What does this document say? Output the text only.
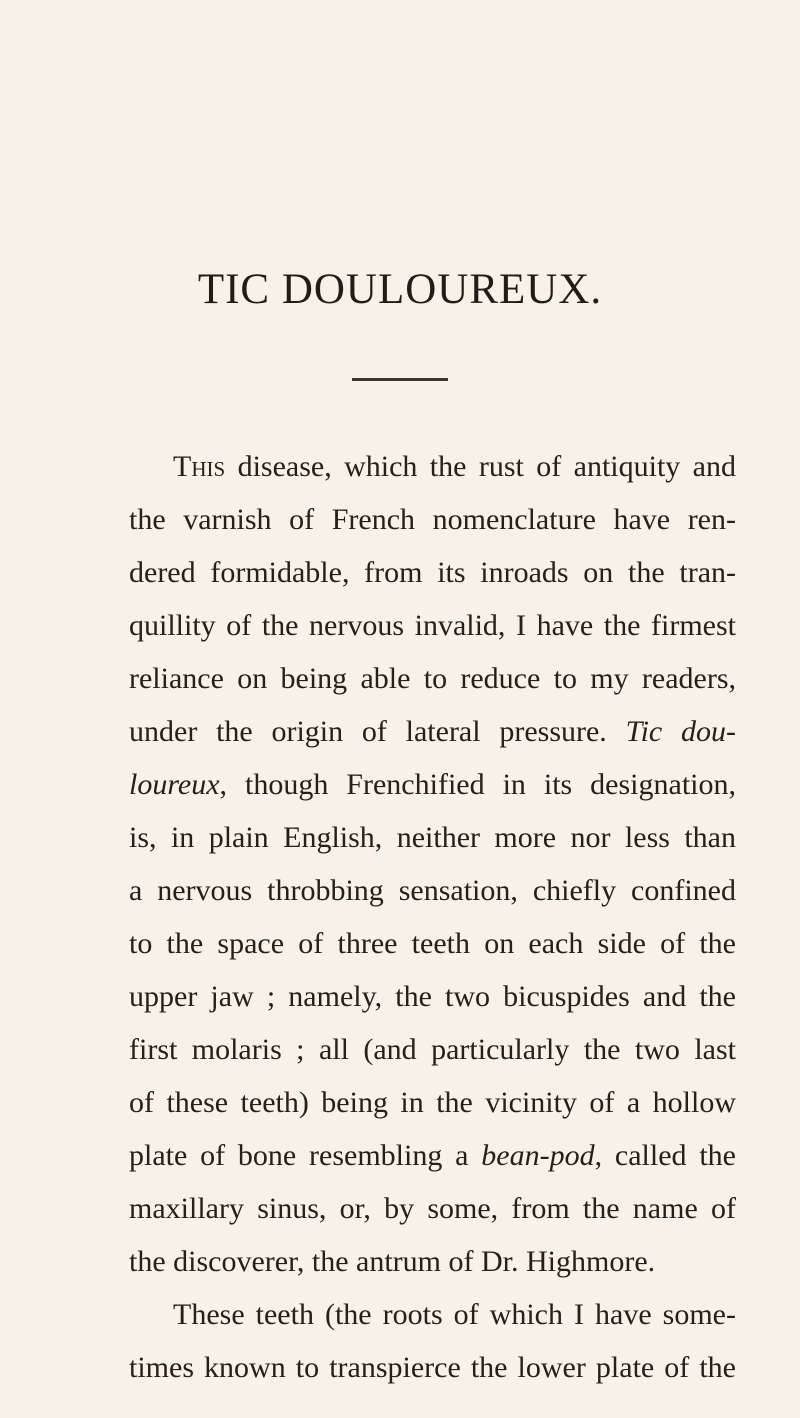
TIC DOULOUREUX.
This disease, which the rust of antiquity and
the varnish of French nomenclature have ren-
dered formidable, from its inroads on the tran-
quillity of the nervous invalid, I have the firmest
reliance on being able to reduce to my readers,
under the origin of lateral pressure. Tic dou-
loureux, though Frenchified in its designation,
is, in plain English, neither more nor less than
a nervous throbbing sensation, chiefly confined
to the space of three teeth on each side of the
upper jaw ; namely, the two bicuspides and the
first molaris ; all (and particularly the two last
of these teeth) being in the vicinity of a hollow
plate of bone resembling a bean-pod, called the
maxillary sinus, or, by some, from the name of
the discoverer, the antrum of Dr. Highmore.
These teeth (the roots of which I have some-
times known to transpierce the lower plate of the
